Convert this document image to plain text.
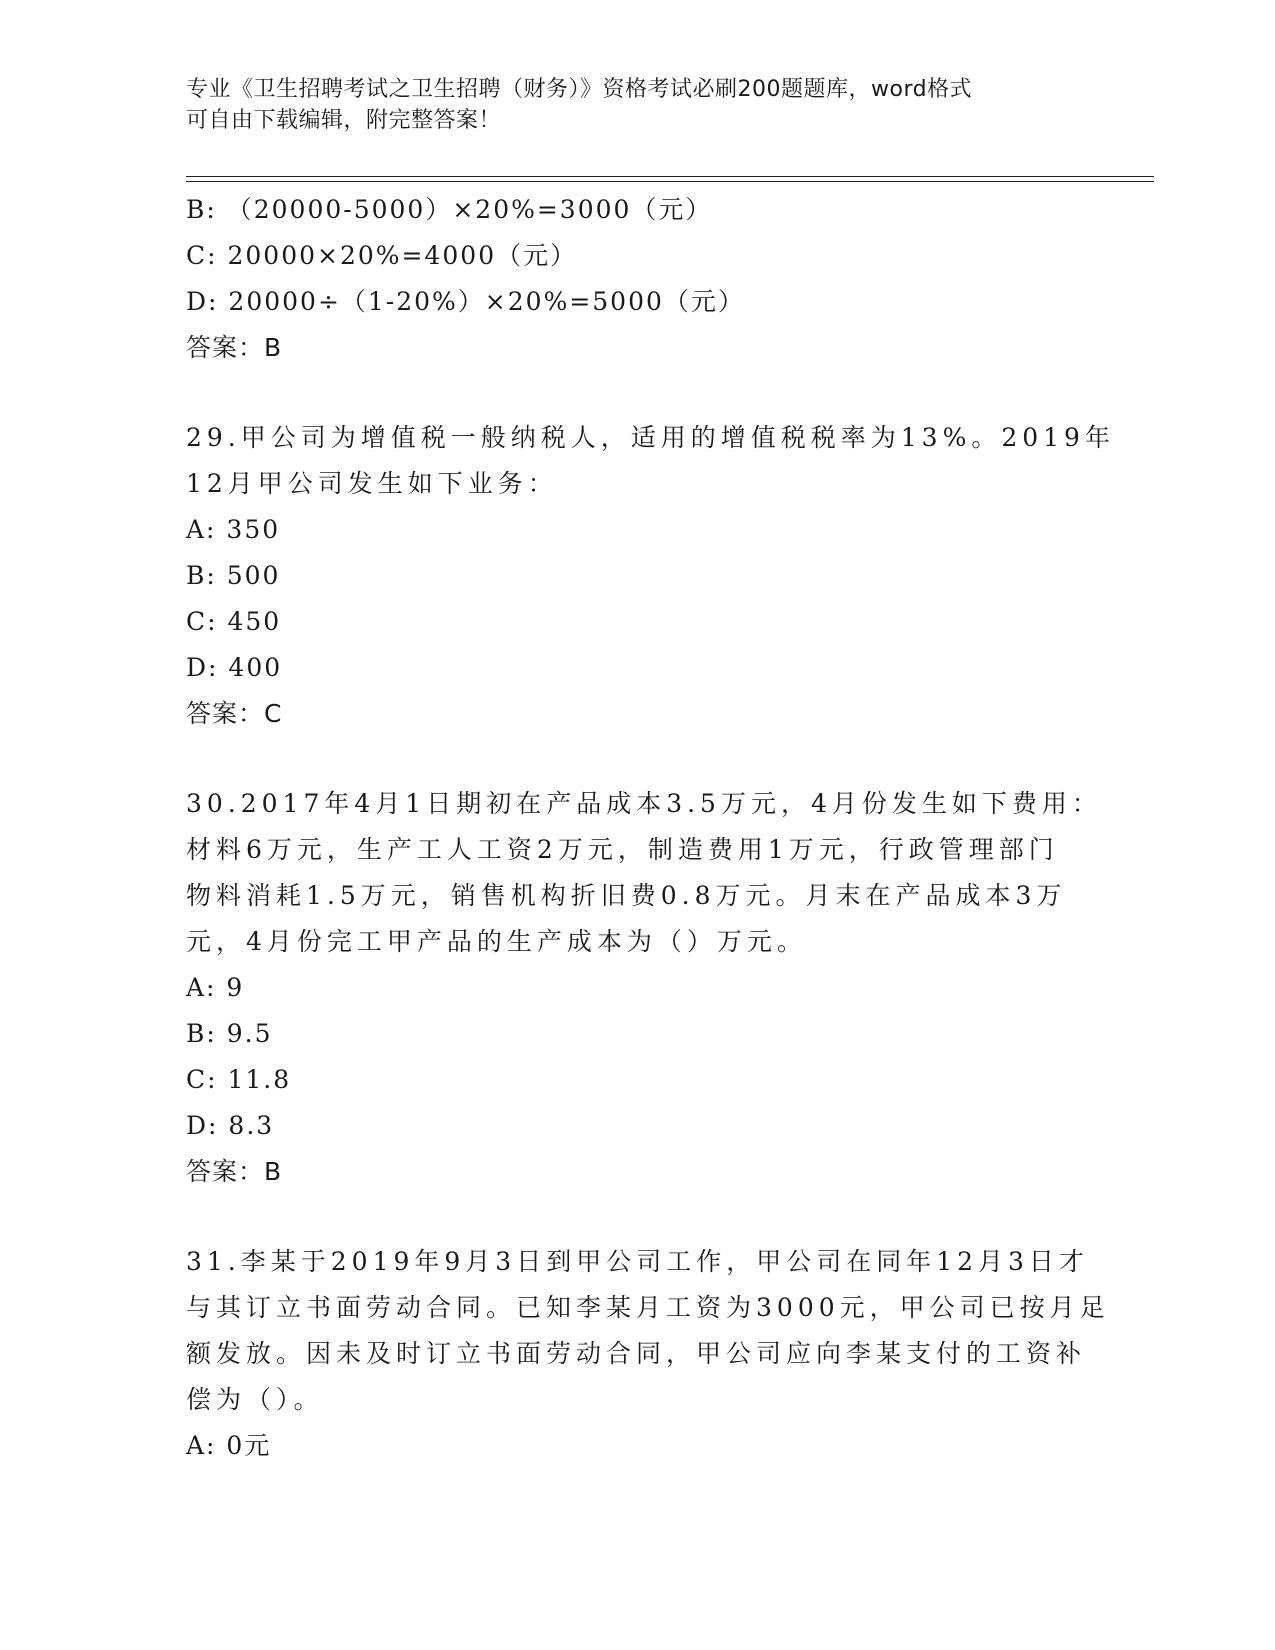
专业《卫生招聘考试之卫生招聘（财务）》资格考试必刷200题题库，word格式
可自由下载编辑，附完整答案！
B: （20000-5000）×20%=3000（元）
C: 20000×20%=4000（元）
D: 20000÷（1-20%）×20%=5000（元）
答案：B
29.甲公司为增值税一般纳税人，适用的增值税税率为13%。2019年
12月甲公司发生如下业务：
A: 350
B: 500
C: 450
D: 400
答案：C
30.2017年4月1日期初在产品成本3.5万元，4月份发生如下费用：
材料6万元，生产工人工资2万元，制造费用1万元，行政管理部门
物料消耗1.5万元，销售机构折旧费0.8万元。月末在产品成本3万
元，4月份完工甲产品的生产成本为（）万元。
A: 9
B: 9.5
C: 11.8
D: 8.3
答案：B
31.李某于2019年9月3日到甲公司工作，甲公司在同年12月3日才
与其订立书面劳动合同。已知李某月工资为3000元，甲公司已按月足
额发放。因未及时订立书面劳动合同，甲公司应向李某支付的工资补
偿为（）。
A: 0元
